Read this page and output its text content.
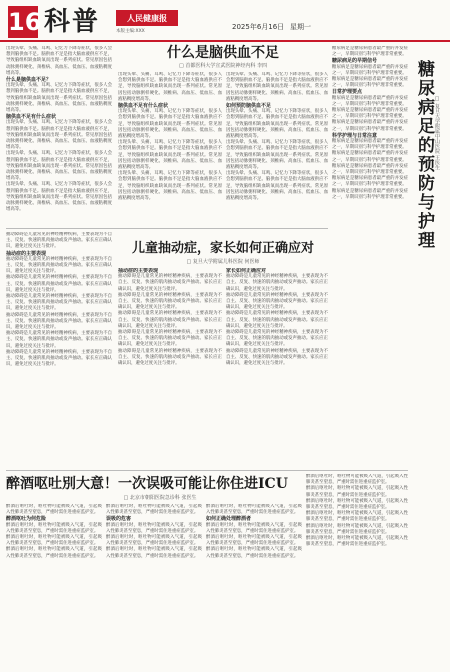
16 科普	人民健康报
本版主编:XXX
2025年6月16日 星期一
出现头晕、头痛、耳鸣、记忆力下降等症状，很多人会想到脑供血不足。脑供血不足是指大脑血液供应不足，导致脑组织缺血缺氧而出现一系列症状。常见原因包括动脉粥样硬化、颈椎病、高血压、低血压、血液粘稠度增高等。
什么是脑供血不足？
出现头晕、头痛、耳鸣、记忆力下降等症状，很多人会想到脑供血不足。脑供血不足是指大脑血液供应不足，导致脑组织缺血缺氧而出现一系列症状。常见原因包括动脉粥样硬化、颈椎病、高血压、低血压、血液粘稠度增高等。
脑供血不足有什么症状
出现头晕、头痛、耳鸣、记忆力下降等症状，很多人会想到脑供血不足。脑供血不足是指大脑血液供应不足，导致脑组织缺血缺氧而出现一系列症状。常见原因包括动脉粥样硬化、颈椎病、高血压、低血压、血液粘稠度增高等。
出现头晕、头痛、耳鸣、记忆力下降等症状，很多人会想到脑供血不足。脑供血不足是指大脑血液供应不足，导致脑组织缺血缺氧而出现一系列症状。常见原因包括动脉粥样硬化、颈椎病、高血压、低血压、血液粘稠度增高等。
出现头晕、头痛、耳鸣、记忆力下降等症状，很多人会想到脑供血不足。脑供血不足是指大脑血液供应不足，导致脑组织缺血缺氧而出现一系列症状。常见原因包括动脉粥样硬化、颈椎病、高血压、低血压、血液粘稠度增高等。
什么是脑供血不足
□ 首都医科大学宣武医院神经内科 李四
出现头晕、头痛、耳鸣、记忆力下降等症状，很多人会想到脑供血不足。脑供血不足是指大脑血液供应不足，导致脑组织缺血缺氧而出现一系列症状。常见原因包括动脉粥样硬化、颈椎病、高血压、低血压、血液粘稠度增高等。
脑供血不足有什么症状
出现头晕、头痛、耳鸣、记忆力下降等症状，很多人会想到脑供血不足。脑供血不足是指大脑血液供应不足，导致脑组织缺血缺氧而出现一系列症状。常见原因包括动脉粥样硬化、颈椎病、高血压、低血压、血液粘稠度增高等。
出现头晕、头痛、耳鸣、记忆力下降等症状，很多人会想到脑供血不足。脑供血不足是指大脑血液供应不足，导致脑组织缺血缺氧而出现一系列症状。常见原因包括动脉粥样硬化、颈椎病、高血压、低血压、血液粘稠度增高等。
出现头晕、头痛、耳鸣、记忆力下降等症状，很多人会想到脑供血不足。脑供血不足是指大脑血液供应不足，导致脑组织缺血缺氧而出现一系列症状。常见原因包括动脉粥样硬化、颈椎病、高血压、低血压、血液粘稠度增高等。
出现头晕、头痛、耳鸣、记忆力下降等症状，很多人会想到脑供血不足。脑供血不足是指大脑血液供应不足，导致脑组织缺血缺氧而出现一系列症状。常见原因包括动脉粥样硬化、颈椎病、高血压、低血压、血液粘稠度增高等。
如何预防脑供血不足
出现头晕、头痛、耳鸣、记忆力下降等症状，很多人会想到脑供血不足。脑供血不足是指大脑血液供应不足，导致脑组织缺血缺氧而出现一系列症状。常见原因包括动脉粥样硬化、颈椎病、高血压、低血压、血液粘稠度增高等。
出现头晕、头痛、耳鸣、记忆力下降等症状，很多人会想到脑供血不足。脑供血不足是指大脑血液供应不足，导致脑组织缺血缺氧而出现一系列症状。常见原因包括动脉粥样硬化、颈椎病、高血压、低血压、血液粘稠度增高等。
出现头晕、头痛、耳鸣、记忆力下降等症状，很多人会想到脑供血不足。脑供血不足是指大脑血液供应不足，导致脑组织缺血缺氧而出现一系列症状。常见原因包括动脉粥样硬化、颈椎病、高血压、低血压、血液粘稠度增高等。
糖尿病足是糖尿病患者最严重的并发症之一，早期识别与科学护理非常重要。
糖尿病足的早期信号
糖尿病足是糖尿病患者最严重的并发症之一，早期识别与科学护理非常重要。
糖尿病足是糖尿病患者最严重的并发症之一，早期识别与科学护理非常重要。
日常护理要点
糖尿病足是糖尿病患者最严重的并发症之一，早期识别与科学护理非常重要。
糖尿病足是糖尿病患者最严重的并发症之一，早期识别与科学护理非常重要。
糖尿病足是糖尿病患者最严重的并发症之一，早期识别与科学护理非常重要。
科学护理与日常注意
糖尿病足是糖尿病患者最严重的并发症之一，早期识别与科学护理非常重要。
糖尿病足是糖尿病患者最严重的并发症之一，早期识别与科学护理非常重要。
糖尿病足是糖尿病患者最严重的并发症之一，早期识别与科学护理非常重要。
糖尿病足是糖尿病患者最严重的并发症之一，早期识别与科学护理非常重要。
糖尿病足是糖尿病患者最严重的并发症之一，早期识别与科学护理非常重要。 糖尿病足的预防与护理 □ 复旦大学附属中山医院 王医生
抽动障碍是儿童常见的神经精神疾病，主要表现为不自主、反复、快速的肌肉抽动或发声抽动。家长应正确认识，避免过度关注与批评。
抽动症的主要表现
抽动障碍是儿童常见的神经精神疾病，主要表现为不自主、反复、快速的肌肉抽动或发声抽动。家长应正确认识，避免过度关注与批评。
抽动障碍是儿童常见的神经精神疾病，主要表现为不自主、反复、快速的肌肉抽动或发声抽动。家长应正确认识，避免过度关注与批评。
抽动障碍是儿童常见的神经精神疾病，主要表现为不自主、反复、快速的肌肉抽动或发声抽动。家长应正确认识，避免过度关注与批评。
抽动障碍是儿童常见的神经精神疾病，主要表现为不自主、反复、快速的肌肉抽动或发声抽动。家长应正确认识，避免过度关注与批评。
抽动障碍是儿童常见的神经精神疾病，主要表现为不自主、反复、快速的肌肉抽动或发声抽动。家长应正确认识，避免过度关注与批评。
抽动障碍是儿童常见的神经精神疾病，主要表现为不自主、反复、快速的肌肉抽动或发声抽动。家长应正确认识，避免过度关注与批评。
儿童抽动症，家长如何正确应对
□ 复旦大学附属儿科医院 何医师
抽动症的主要表现
抽动障碍是儿童常见的神经精神疾病，主要表现为不自主、反复、快速的肌肉抽动或发声抽动。家长应正确认识，避免过度关注与批评。
抽动障碍是儿童常见的神经精神疾病，主要表现为不自主、反复、快速的肌肉抽动或发声抽动。家长应正确认识，避免过度关注与批评。
抽动障碍是儿童常见的神经精神疾病，主要表现为不自主、反复、快速的肌肉抽动或发声抽动。家长应正确认识，避免过度关注与批评。
抽动障碍是儿童常见的神经精神疾病，主要表现为不自主、反复、快速的肌肉抽动或发声抽动。家长应正确认识，避免过度关注与批评。
抽动障碍是儿童常见的神经精神疾病，主要表现为不自主、反复、快速的肌肉抽动或发声抽动。家长应正确认识，避免过度关注与批评。
家长如何正确应对
抽动障碍是儿童常见的神经精神疾病，主要表现为不自主、反复、快速的肌肉抽动或发声抽动。家长应正确认识，避免过度关注与批评。
抽动障碍是儿童常见的神经精神疾病，主要表现为不自主、反复、快速的肌肉抽动或发声抽动。家长应正确认识，避免过度关注与批评。
抽动障碍是儿童常见的神经精神疾病，主要表现为不自主、反复、快速的肌肉抽动或发声抽动。家长应正确认识，避免过度关注与批评。
抽动障碍是儿童常见的神经精神疾病，主要表现为不自主、反复、快速的肌肉抽动或发声抽动。家长应正确认识，避免过度关注与批评。
抽动障碍是儿童常见的神经精神疾病，主要表现为不自主、反复、快速的肌肉抽动或发声抽动。家长应正确认识，避免过度关注与批评。
醉酒呕吐別大意！一次误吸可能让你住进ICU
□ 北京市朝阳医院急诊科 张医生
醉酒后呕吐时，呕吐物可能被吸入气道，引起吸入性肺炎甚至窒息，严重时需住进重症监护室。
醉酒呕吐为何危险
醉酒后呕吐时，呕吐物可能被吸入气道，引起吸入性肺炎甚至窒息，严重时需住进重症监护室。
醉酒后呕吐时，呕吐物可能被吸入气道，引起吸入性肺炎甚至窒息，严重时需住进重症监护室。
醉酒后呕吐时，呕吐物可能被吸入气道，引起吸入性肺炎甚至窒息，严重时需住进重症监护室。
醉酒后呕吐时，呕吐物可能被吸入气道，引起吸入性肺炎甚至窒息，严重时需住进重症监护室。
误吸的危害
醉酒后呕吐时，呕吐物可能被吸入气道，引起吸入性肺炎甚至窒息，严重时需住进重症监护室。
醉酒后呕吐时，呕吐物可能被吸入气道，引起吸入性肺炎甚至窒息，严重时需住进重症监护室。
醉酒后呕吐时，呕吐物可能被吸入气道，引起吸入性肺炎甚至窒息，严重时需住进重症监护室。
醉酒后呕吐时，呕吐物可能被吸入气道，引起吸入性肺炎甚至窒息，严重时需住进重症监护室。
如何正确处理醉酒者
醉酒后呕吐时，呕吐物可能被吸入气道，引起吸入性肺炎甚至窒息，严重时需住进重症监护室。
醉酒后呕吐时，呕吐物可能被吸入气道，引起吸入性肺炎甚至窒息，严重时需住进重症监护室。
醉酒后呕吐时，呕吐物可能被吸入气道，引起吸入性肺炎甚至窒息，严重时需住进重症监护室。
醉酒后呕吐时，呕吐物可能被吸入气道，引起吸入性肺炎甚至窒息，严重时需住进重症监护室。
醉酒后呕吐时，呕吐物可能被吸入气道，引起吸入性肺炎甚至窒息，严重时需住进重症监护室。
醉酒后呕吐时，呕吐物可能被吸入气道，引起吸入性肺炎甚至窒息，严重时需住进重症监护室。
醉酒后呕吐时，呕吐物可能被吸入气道，引起吸入性肺炎甚至窒息，严重时需住进重症监护室。
醉酒后呕吐时，呕吐物可能被吸入气道，引起吸入性肺炎甚至窒息，严重时需住进重症监护室。
醉酒后呕吐时，呕吐物可能被吸入气道，引起吸入性肺炎甚至窒息，严重时需住进重症监护室。
